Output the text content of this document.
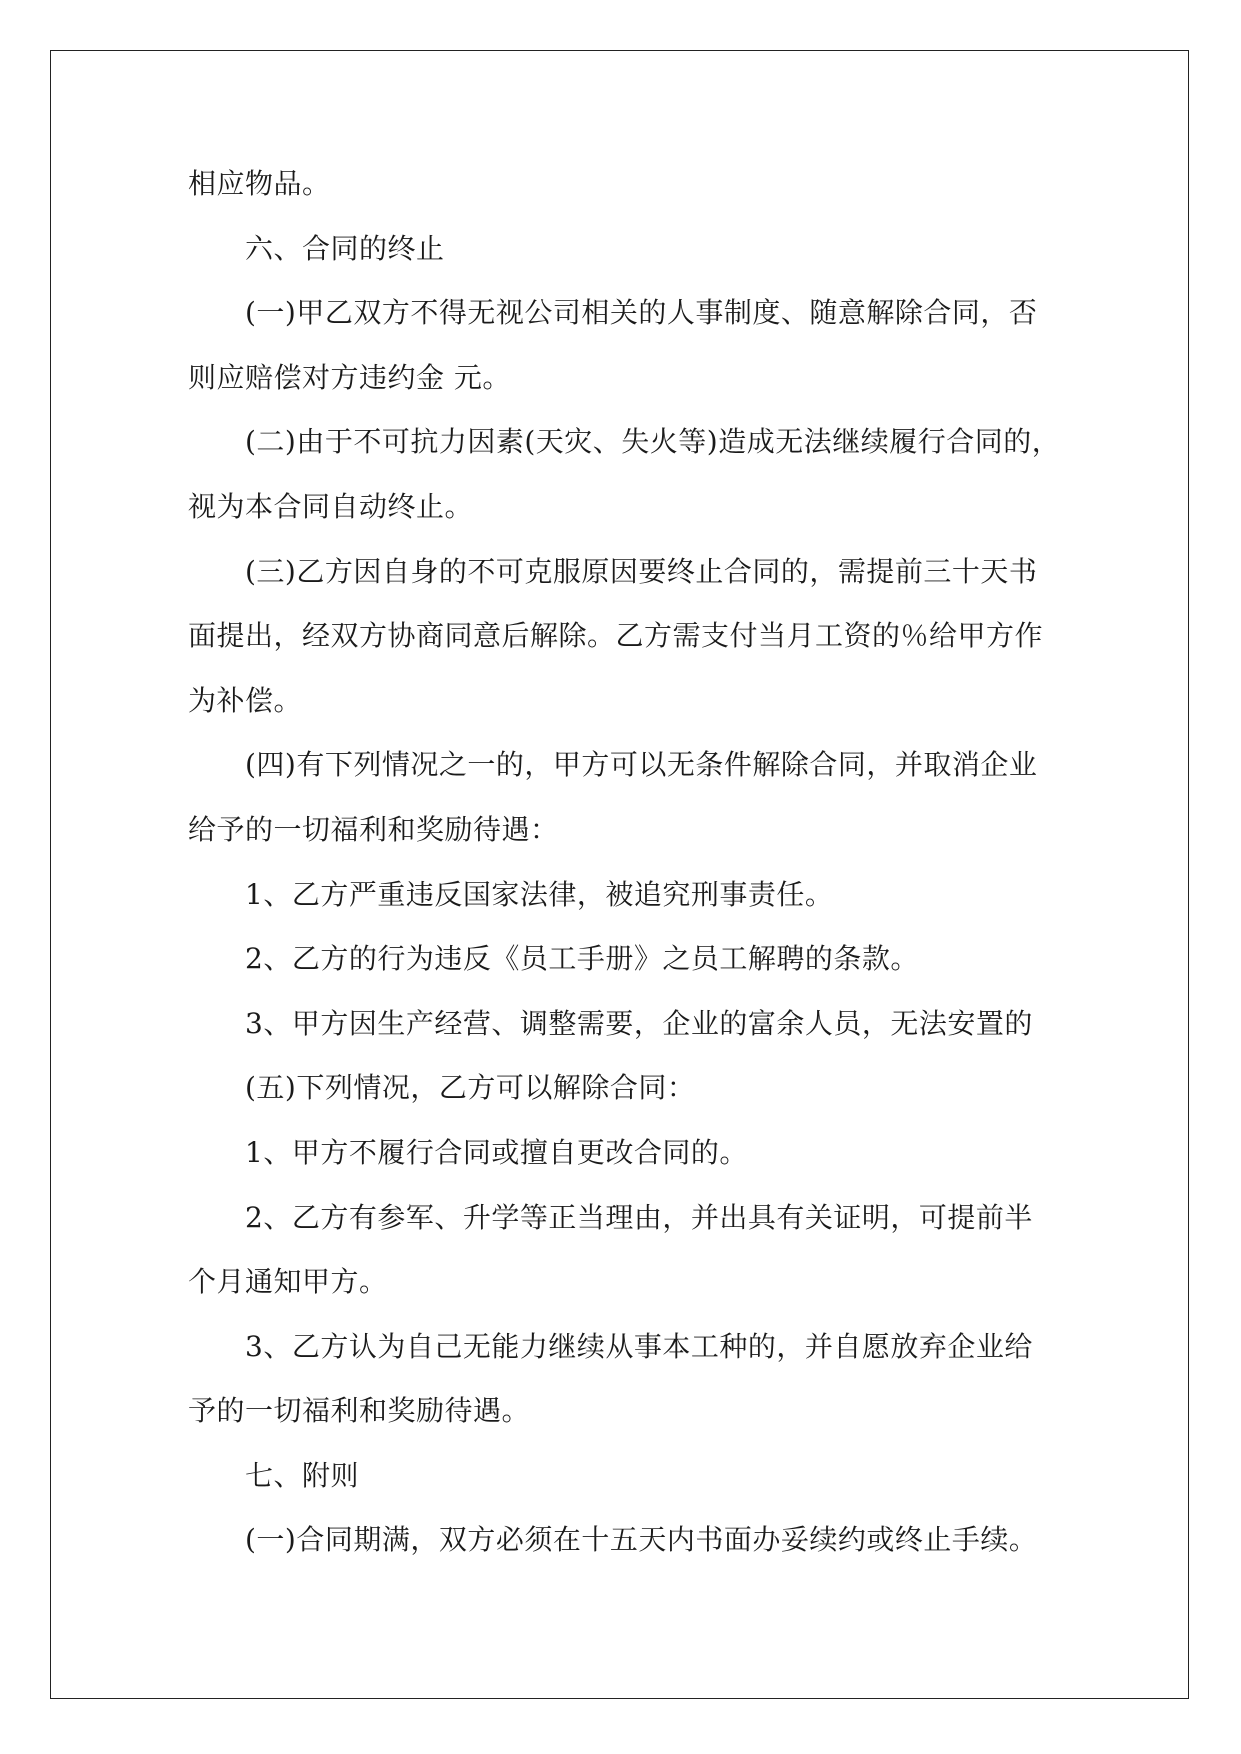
相应物品。
六、合同的终止
(一)甲乙双方不得无视公司相关的人事制度、随意解除合同，否
则应赔偿对方违约金 元。
(二)由于不可抗力因素(天灾、失火等)造成无法继续履行合同的，
视为本合同自动终止。
(三)乙方因自身的不可克服原因要终止合同的，需提前三十天书
面提出，经双方协商同意后解除。乙方需支付当月工资的％给甲方作
为补偿。
(四)有下列情况之一的，甲方可以无条件解除合同，并取消企业
给予的一切福利和奖励待遇：
1、乙方严重违反国家法律，被追究刑事责任。
2、乙方的行为违反《员工手册》之员工解聘的条款。
3、甲方因生产经营、调整需要，企业的富余人员，无法安置的
(五)下列情况，乙方可以解除合同：
1、甲方不履行合同或擅自更改合同的。
2、乙方有参军、升学等正当理由，并出具有关证明，可提前半
个月通知甲方。
3、乙方认为自己无能力继续从事本工种的，并自愿放弃企业给
予的一切福利和奖励待遇。
七、附则
(一)合同期满，双方必须在十五天内书面办妥续约或终止手续。
